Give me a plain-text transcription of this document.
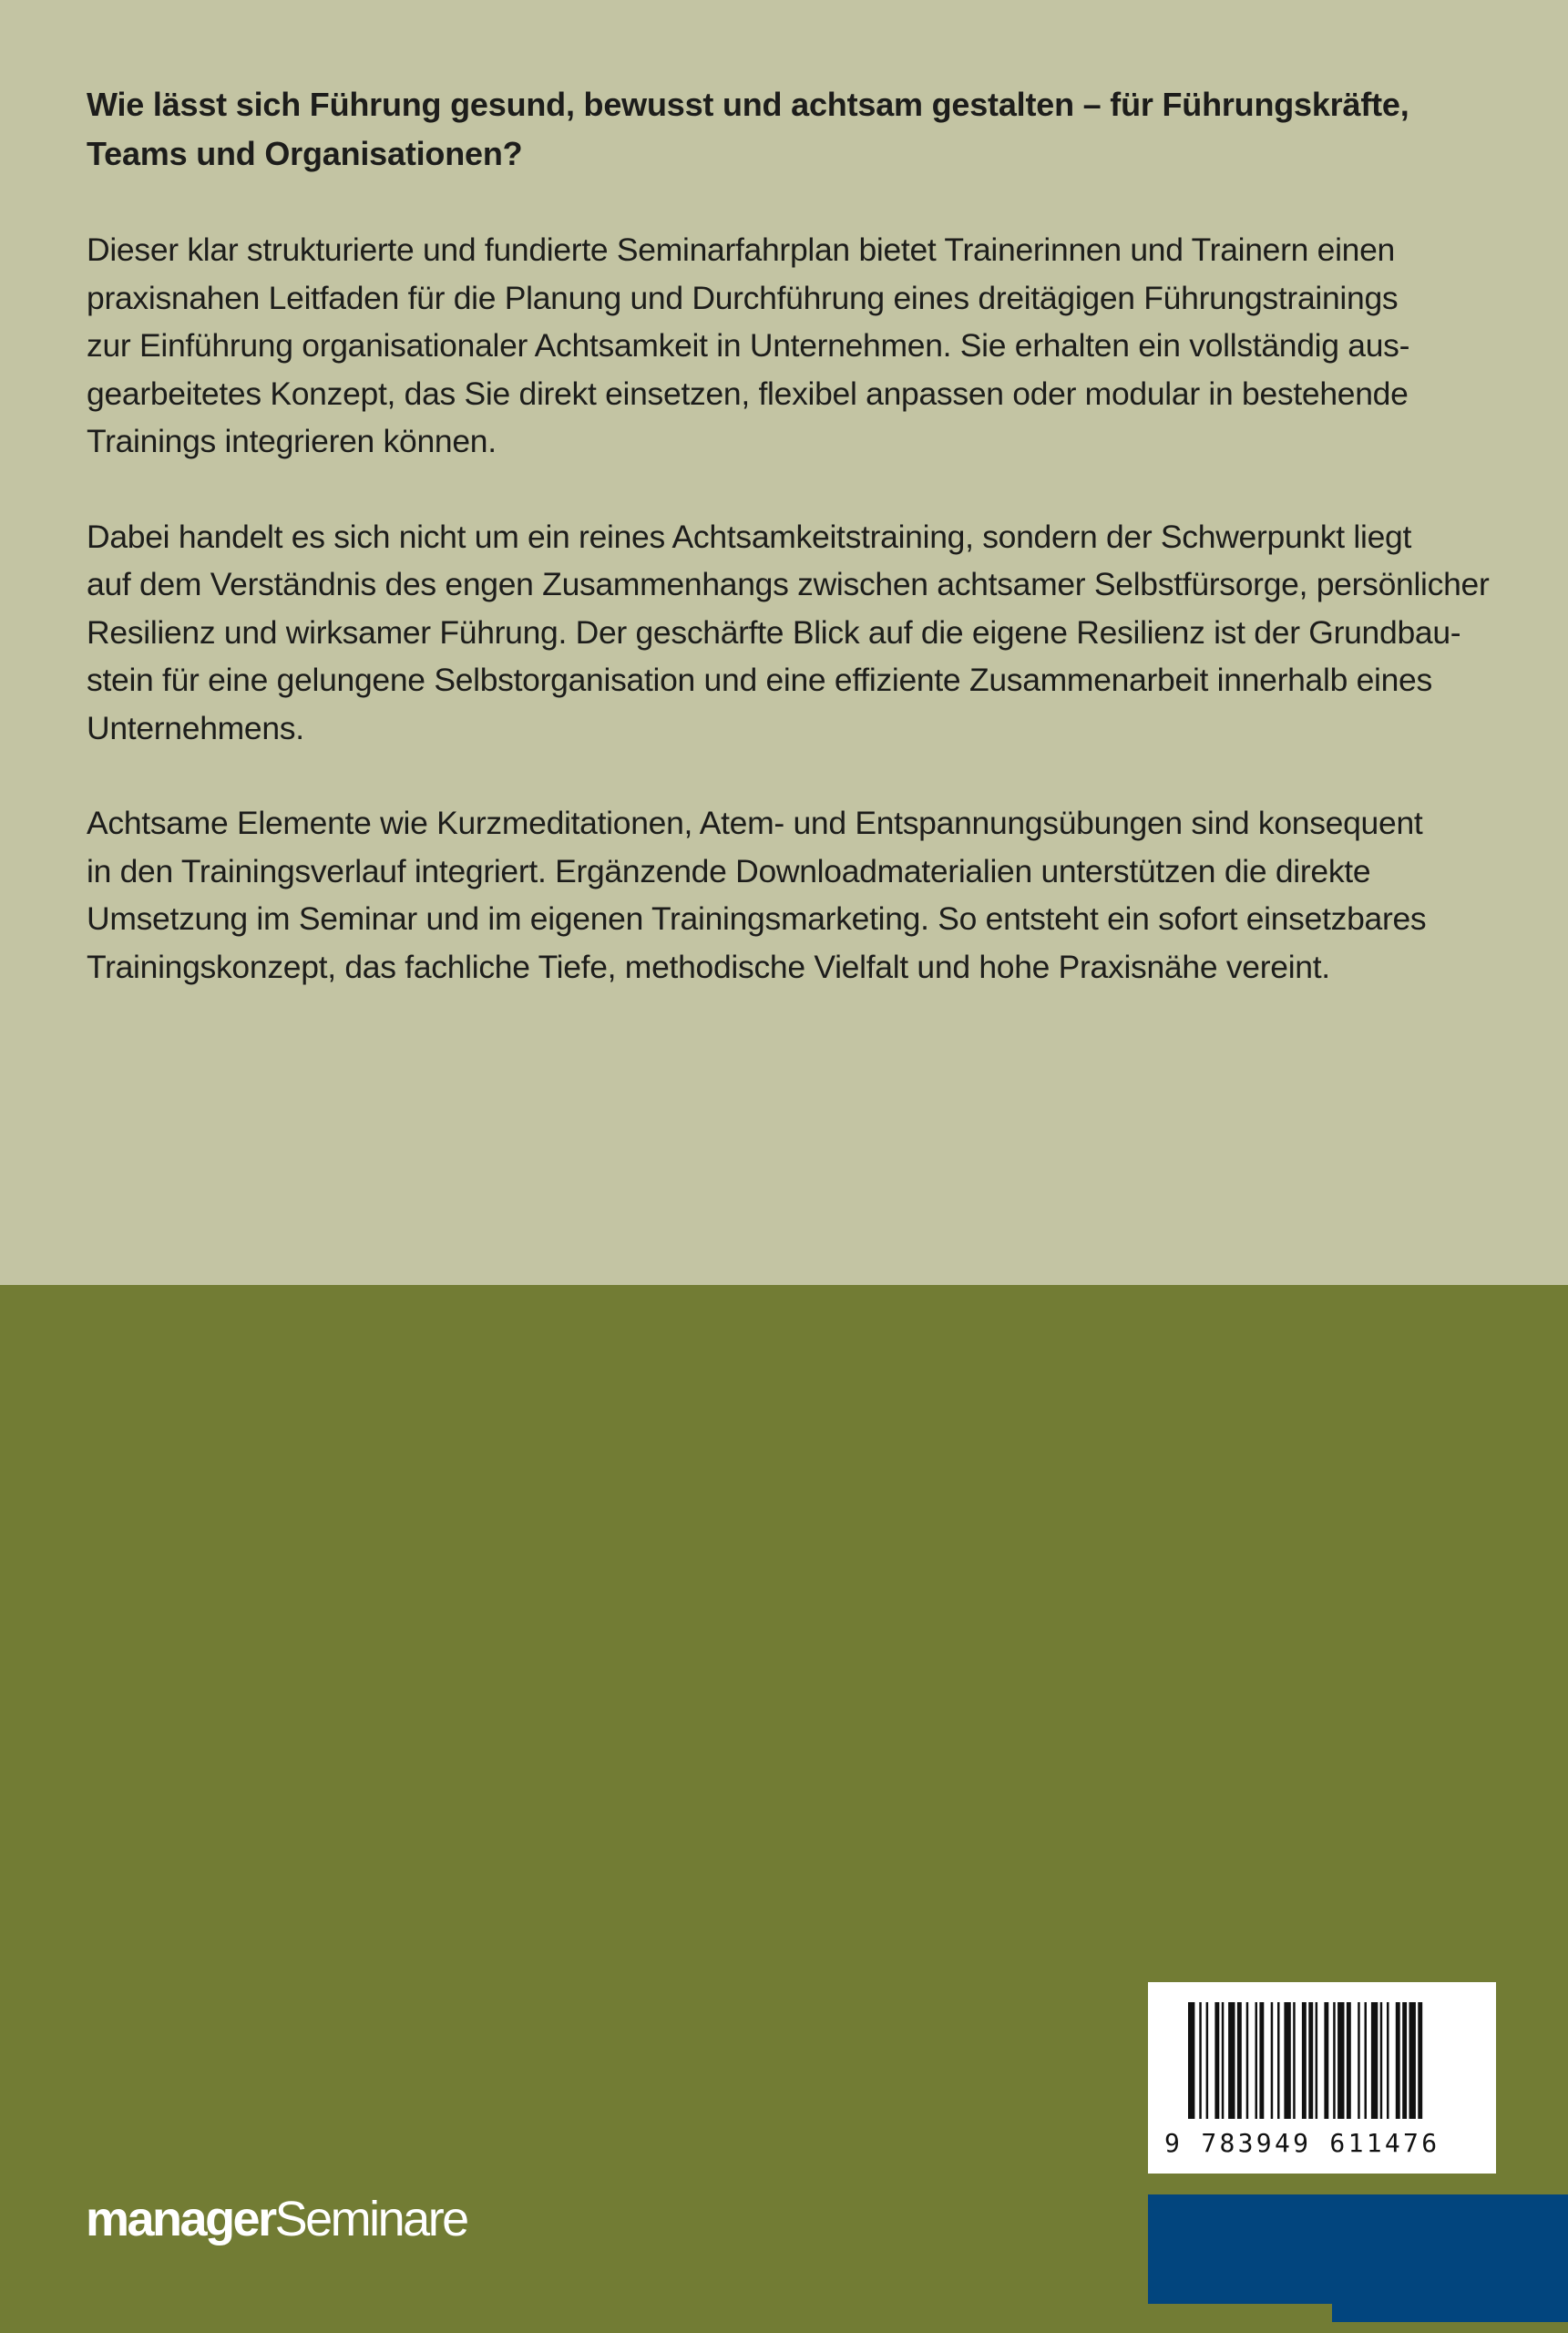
Wie lässt sich Führung gesund, bewusst und achtsam gestalten – für Führungskräfte,
Teams und Organisationen?
Dieser klar strukturierte und fundierte Seminarfahrplan bietet Trainerinnen und Trainern einen
praxisnahen Leitfaden für die Planung und Durchführung eines dreitägigen Führungstrainings
zur Einführung organisationaler Achtsamkeit in Unternehmen. Sie erhalten ein vollständig aus-
gearbeitetes Konzept, das Sie direkt einsetzen, flexibel anpassen oder modular in bestehende
Trainings integrieren können.
Dabei handelt es sich nicht um ein reines Achtsamkeitstraining, sondern der Schwerpunkt liegt
auf dem Verständnis des engen Zusammenhangs zwischen achtsamer Selbstfürsorge, persönlicher
Resilienz und wirksamer Führung. Der geschärfte Blick auf die eigene Resilienz ist der Grundbau-
stein für eine gelungene Selbstorganisation und eine effiziente Zusammenarbeit innerhalb eines
Unternehmens.
Achtsame Elemente wie Kurzmeditationen, Atem- und Entspannungsübungen sind konsequent
in den Trainingsverlauf integriert. Ergänzende Downloadmaterialien unterstützen die direkte
Umsetzung im Seminar und im eigenen Trainingsmarketing. So entsteht ein sofort einsetzbares
Trainingskonzept, das fachliche Tiefe, methodische Vielfalt und hohe Praxisnähe vereint.
9 783949 611476
managerSeminare
